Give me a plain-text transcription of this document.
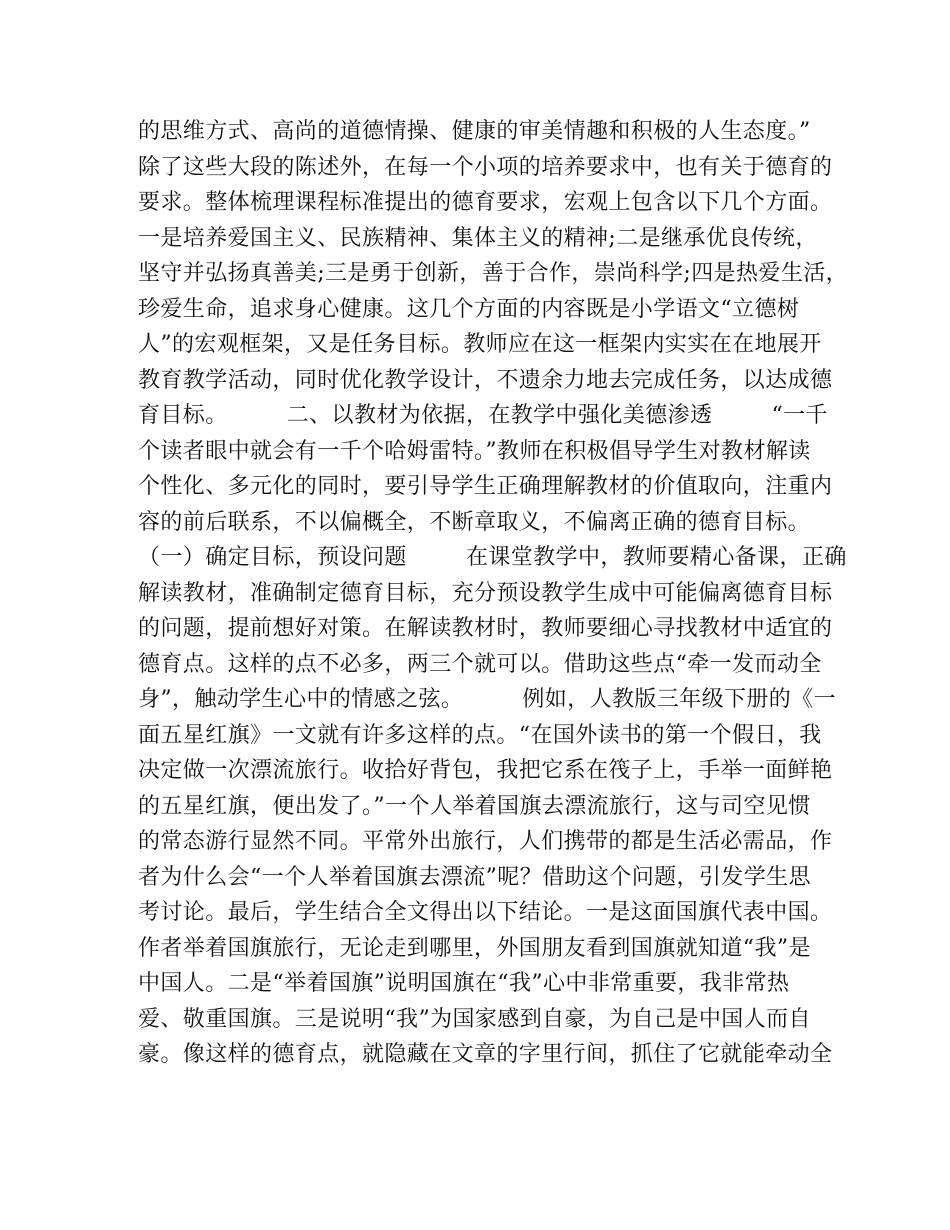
的思维方式、高尚的道德情操、健康的审美情趣和积极的人生态度。”
除了这些大段的陈述外，在每一个小项的培养要求中，也有关于德育的
要求。整体梳理课程标准提出的德育要求，宏观上包含以下几个方面。
一是培养爱国主义、民族精神、集体主义的精神;二是继承优良传统，
坚守并弘扬真善美;三是勇于创新，善于合作，崇尚科学;四是热爱生活，
珍爱生命，追求身心健康。这几个方面的内容既是小学语文“立德树
人”的宏观框架，又是任务目标。教师应在这一框架内实实在在地展开
教育教学活动，同时优化教学设计，不遗余力地去完成任务，以达成德
育目标。        二、以教材为依据，在教学中强化美德渗透        “一千
个读者眼中就会有一千个哈姆雷特。”教师在积极倡导学生对教材解读
个性化、多元化的同时，要引导学生正确理解教材的价值取向，注重内
容的前后联系，不以偏概全，不断章取义，不偏离正确的德育目标。
（一）确定目标，预设问题        在课堂教学中，教师要精心备课，正确
解读教材，准确制定德育目标，充分预设教学生成中可能偏离德育目标
的问题，提前想好对策。在解读教材时，教师要细心寻找教材中适宜的
德育点。这样的点不必多，两三个就可以。借助这些点“牵一发而动全
身”，触动学生心中的情感之弦。        例如，人教版三年级下册的《一
面五星红旗》一文就有许多这样的点。“在国外读书的第一个假日，我
决定做一次漂流旅行。收拾好背包，我把它系在筏子上，手举一面鲜艳
的五星红旗，便出发了。”一个人举着国旗去漂流旅行，这与司空见惯
的常态游行显然不同。平常外出旅行，人们携带的都是生活必需品，作
者为什么会“一个人举着国旗去漂流”呢？借助这个问题，引发学生思
考讨论。最后，学生结合全文得出以下结论。一是这面国旗代表中国。
作者举着国旗旅行，无论走到哪里，外国朋友看到国旗就知道“我”是
中国人。二是“举着国旗”说明国旗在“我”心中非常重要，我非常热
爱、敬重国旗。三是说明“我”为国家感到自豪，为自己是中国人而自
豪。像这样的德育点，就隐藏在文章的字里行间，抓住了它就能牵动全
